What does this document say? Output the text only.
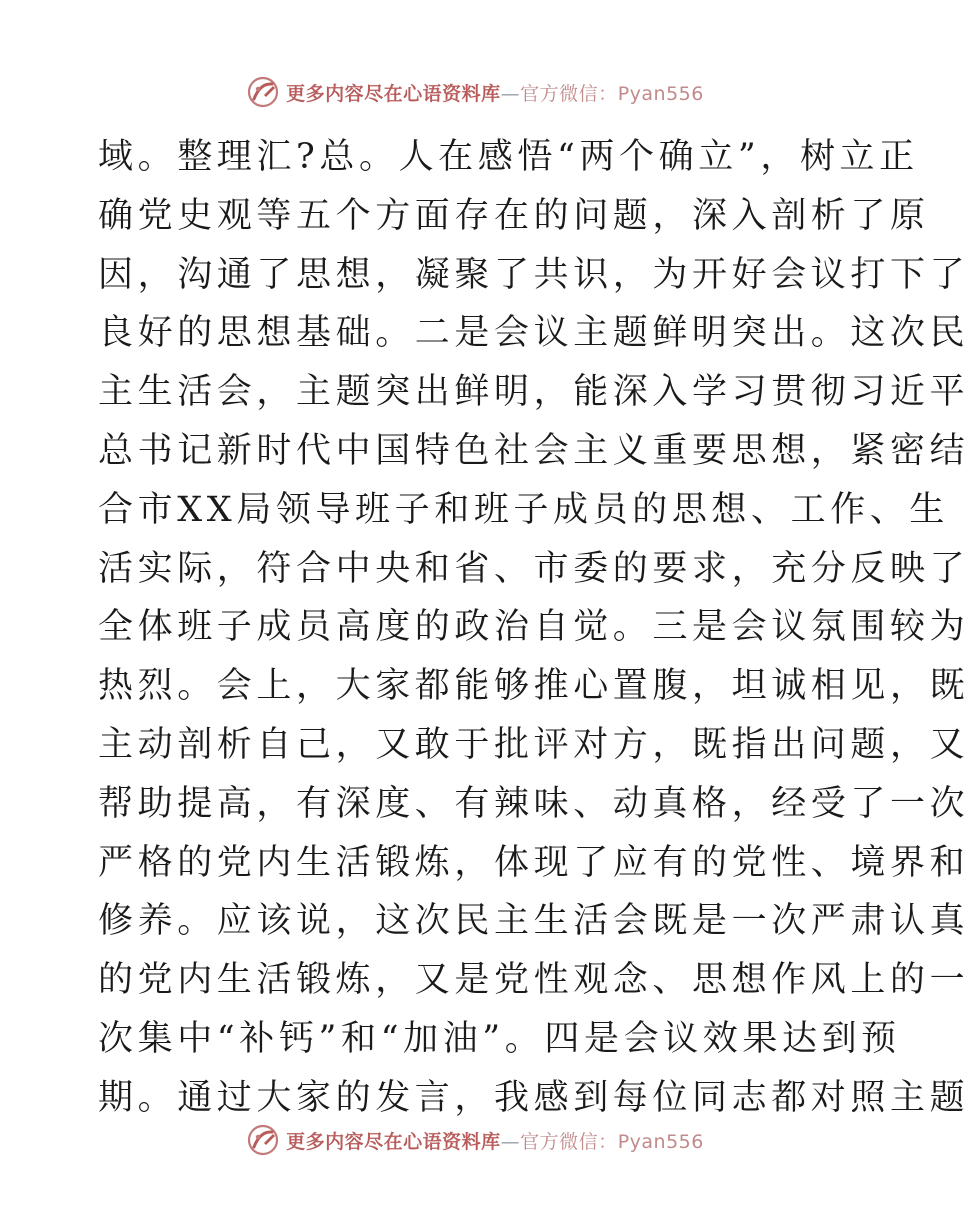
更多内容尽在心语资料库—官方微信：Pyan556
域。整理汇?总。人在感悟“两个确立”，树立正
确党史观等五个方面存在的问题，深入剖析了原
因，沟通了思想，凝聚了共识，为开好会议打下了
良好的思想基础。二是会议主题鲜明突出。这次民
主生活会，主题突出鲜明，能深入学习贯彻习近平
总书记新时代中国特色社会主义重要思想，紧密结
合市XX局领导班子和班子成员的思想、工作、生
活实际，符合中央和省、市委的要求，充分反映了
全体班子成员高度的政治自觉。三是会议氛围较为
热烈。会上，大家都能够推心置腹，坦诚相见，既
主动剖析自己，又敢于批评对方，既指出问题，又
帮助提高，有深度、有辣味、动真格，经受了一次
严格的党内生活锻炼，体现了应有的党性、境界和
修养。应该说，这次民主生活会既是一次严肃认真
的党内生活锻炼，又是党性观念、思想作风上的一
次集中“补钙”和“加油”。四是会议效果达到预
期。通过大家的发言，我感到每位同志都对照主题
更多内容尽在心语资料库—官方微信：Pyan556
